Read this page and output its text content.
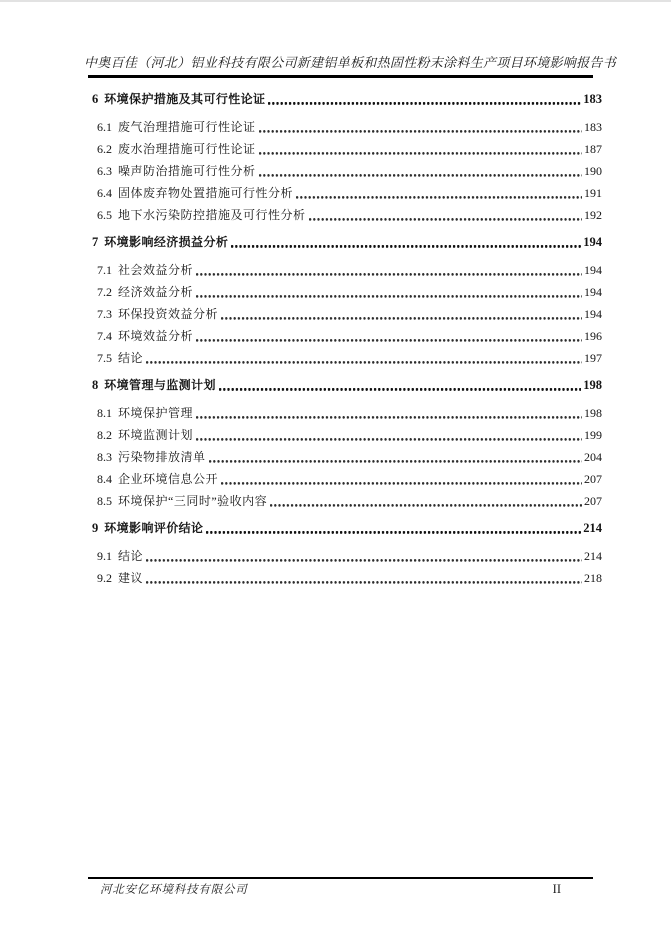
中奥百佳（河北）铝业科技有限公司新建铝单板和热固性粉末涂料生产项目环境影响报告书
6 环境保护措施及其可行性论证	183
6.1 废气治理措施可行性论证	183
6.2 废水治理措施可行性论证	187
6.3 噪声防治措施可行性分析	190
6.4 固体废弃物处置措施可行性分析	191
6.5 地下水污染防控措施及可行性分析	192
7 环境影响经济损益分析	194
7.1 社会效益分析	194
7.2 经济效益分析	194
7.3 环保投资效益分析	194
7.4 环境效益分析	196
7.5 结论	197
8 环境管理与监测计划	198
8.1 环境保护管理	198
8.2 环境监测计划	199
8.3 污染物排放清单	204
8.4 企业环境信息公开	207
8.5 环境保护“三同时”验收内容	207
9 环境影响评价结论	214
9.1 结论	214
9.2 建议	218
河北安亿环境科技有限公司	II
